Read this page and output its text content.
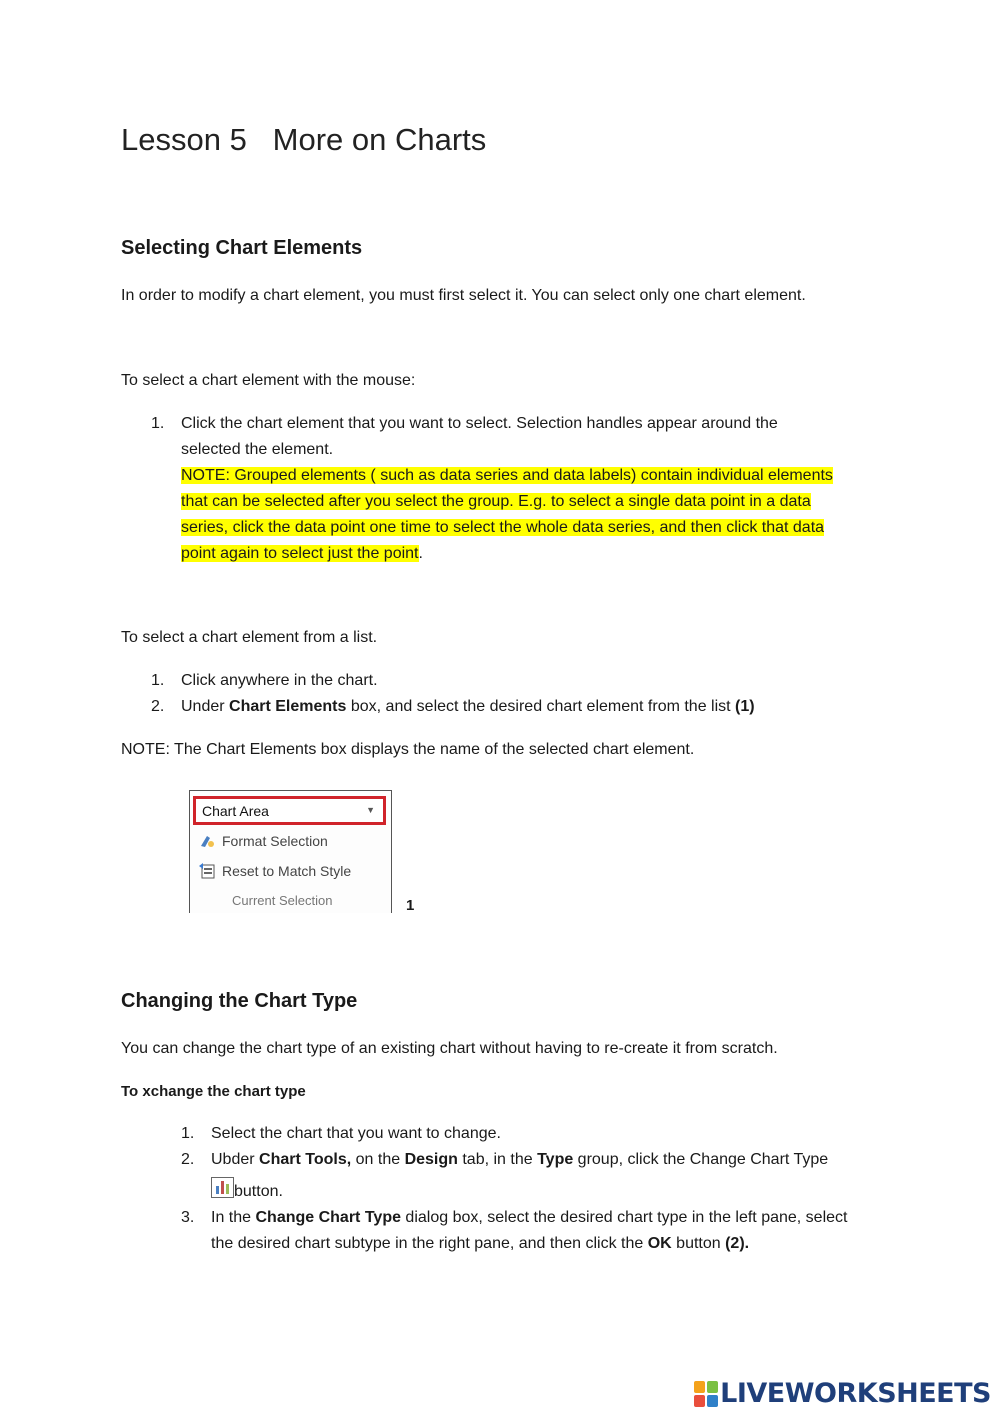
Lesson 5   More on Charts
Selecting Chart Elements
In order to modify a chart element, you must first select it. You can select only one chart element.
To select a chart element with the mouse:
1. Click the chart element that you want to select. Selection handles appear around the
selected the element.
NOTE: Grouped elements ( such as data series and data labels) contain individual elements
that can be selected after you select the group. E.g. to select a single data point in a data
series, click the data point one time to select the whole data series, and then click that data
point again to select just the point.
To select a chart element from a list.
1. Click anywhere in the chart.
2. Under Chart Elements box, and select the desired chart element from the list (1)
NOTE: The Chart Elements box displays the name of the selected chart element.
Chart Area	▼
Format Selection
Reset to Match Style
Current Selection	1
Changing the Chart Type
You can change the chart type of an existing chart without having to re-create it from scratch.
To xchange the chart type
1. Select the chart that you want to change.
2. Ubder Chart Tools, on the Design tab, in the Type group, click the Change Chart Type
button.
3. In the Change Chart Type dialog box, select the desired chart type in the left pane, select
the desired chart subtype in the right pane, and then click the OK button (2).
LIVEWORKSHEETS
